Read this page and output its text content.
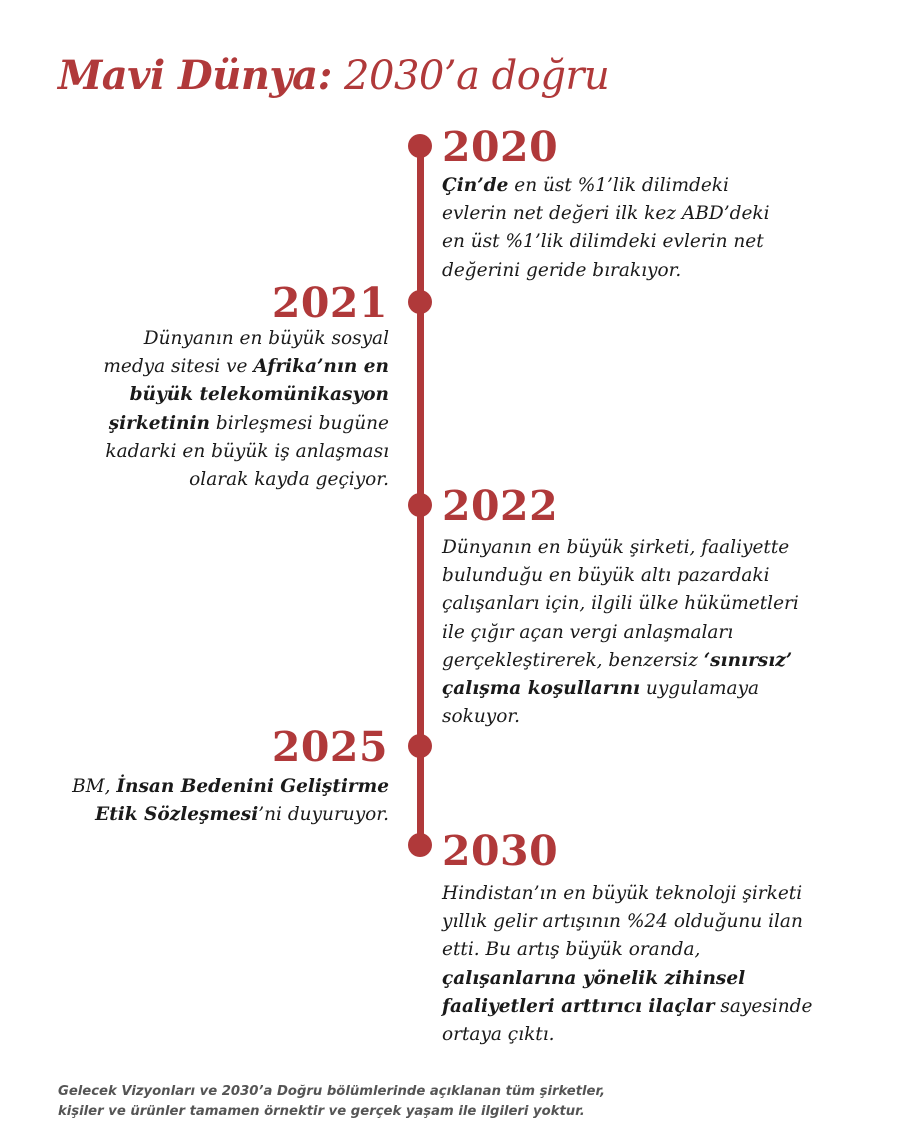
Mavi Dünya: 2030’a doğru
2020
Çin’de en üst %1’lik dilimdeki
evlerin net değeri ilk kez ABD’deki
en üst %1’lik dilimdeki evlerin net
değerini geride bırakıyor.
2021
Dünyanın en büyük sosyal
medya sitesi ve Afrika’nın en
büyük telekomünikasyon
şirketinin birleşmesi bugüne
kadarki en büyük iş anlaşması
olarak kayda geçiyor.
2022
Dünyanın en büyük şirketi, faaliyette
bulunduğu en büyük altı pazardaki
çalışanları için, ilgili ülke hükümetleri
ile çığır açan vergi anlaşmaları
gerçekleştirerek, benzersiz ‘sınırsız’
çalışma koşullarını uygulamaya
sokuyor.
2025
BM, İnsan Bedenini Geliştirme
Etik Sözleşmesi’ni duyuruyor.
2030
Hindistan’ın en büyük teknoloji şirketi
yıllık gelir artışının %24 olduğunu ilan
etti. Bu artış büyük oranda,
çalışanlarına yönelik zihinsel
faaliyetleri arttırıcı ilaçlar sayesinde
ortaya çıktı.
Gelecek Vizyonları ve 2030’a Doğru bölümlerinde açıklanan tüm şirketler,
kişiler ve ürünler tamamen örnektir ve gerçek yaşam ile ilgileri yoktur.
